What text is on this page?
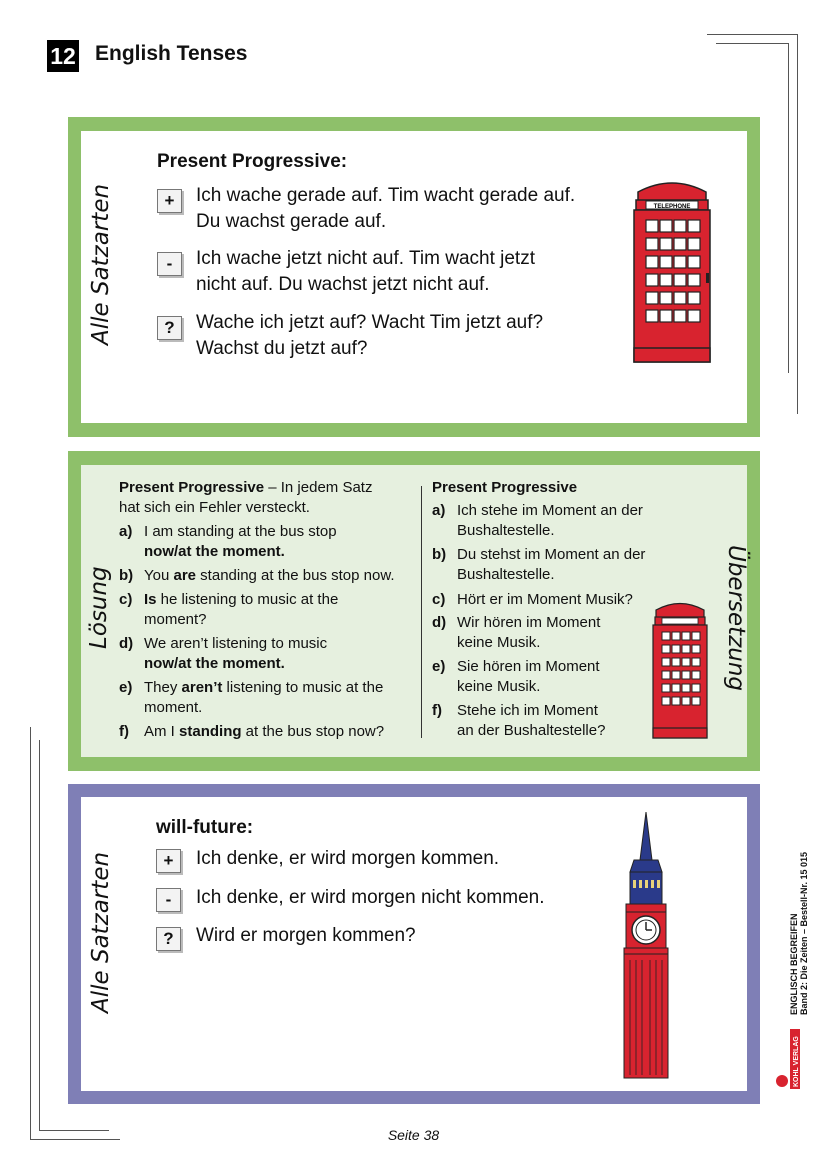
12 English Tenses
Alle Satzarten
Present Progressive:
+	Ich wache gerade auf. Tim wacht gerade auf.
Du wachst gerade auf.
-	Ich wache jetzt nicht auf. Tim wacht jetzt
nicht auf. Du wachst jetzt nicht auf.
?	Wache ich jetzt auf? Wacht Tim jetzt auf?
Wachst du jetzt auf?
TELEPHONE
Lösung	Übersetzung
Present Progressive – In jedem Satz
hat sich ein Fehler versteckt.
a) I am standing at the bus stop
now/at the moment.
b) You are standing at the bus stop now.
c) Is he listening to music at the
moment?
d) We aren’t listening to music
now/at the moment.
e) They aren’t listening to music at the
moment.
f) Am I standing at the bus stop now?
Present Progressive
a) Ich stehe im Moment an der
Bushaltestelle.
b) Du stehst im Moment an der
Bushaltestelle.
c) Hört er im Moment Musik?
d) Wir hören im Moment
keine Musik.
e) Sie hören im Moment
keine Musik.
f) Stehe ich im Moment
an der Bushaltestelle?
Alle Satzarten
will-future:
+	Ich denke, er wird morgen kommen.
-	Ich denke, er wird morgen nicht kommen.
?	Wird er morgen kommen?	ENGLISCH BEGREIFEN Band 2: Die Zeiten – Bestell-Nr. 15 015
KOHL VERLAG
Seite 38
